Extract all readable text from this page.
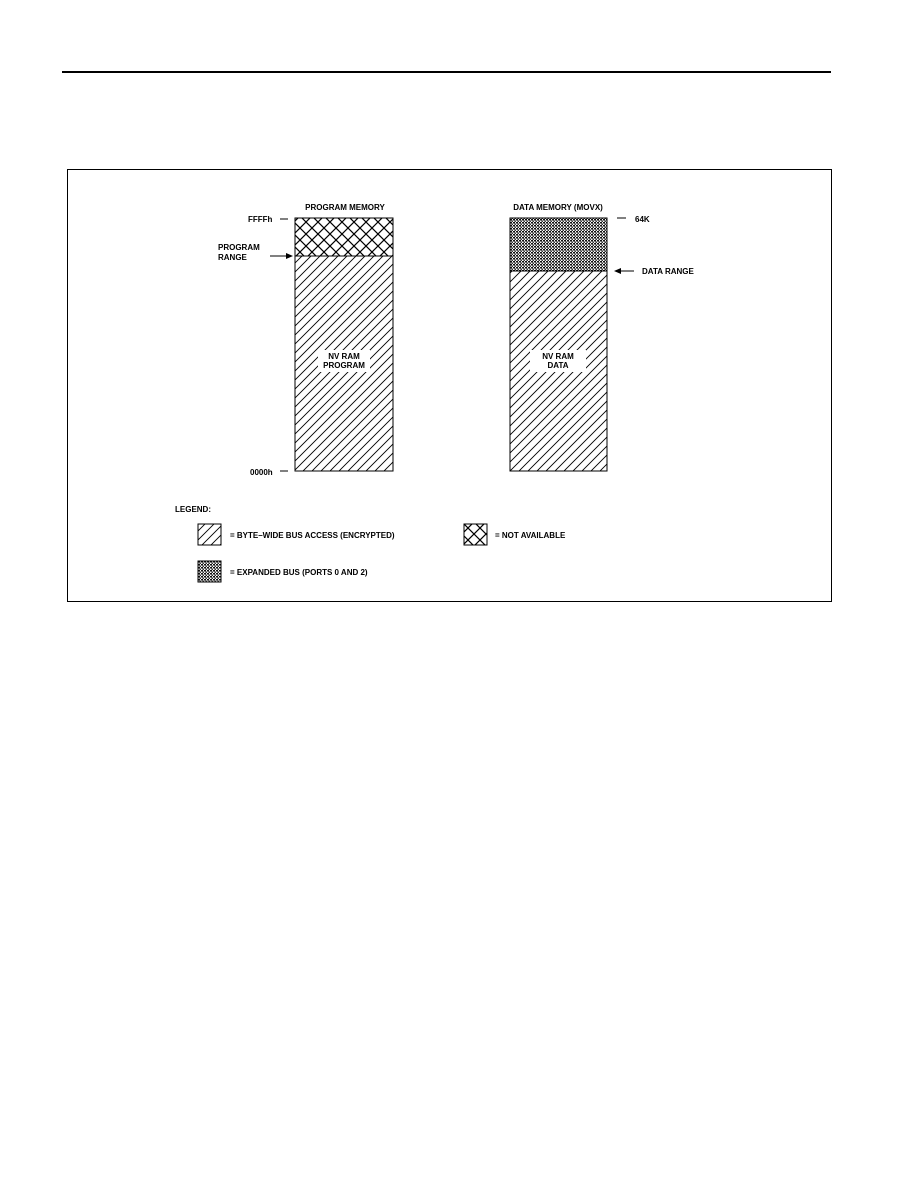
PROGRAM MEMORY
NV RAM
PROGRAM
FFFFh
PROGRAM
RANGE
0000h
DATA MEMORY (MOVX)
NV RAM
DATA
64K
DATA RANGE
LEGEND:
= BYTE–WIDE BUS ACCESS (ENCRYPTED)	= NOT AVAILABLE
= EXPANDED BUS (PORTS 0 AND 2)
